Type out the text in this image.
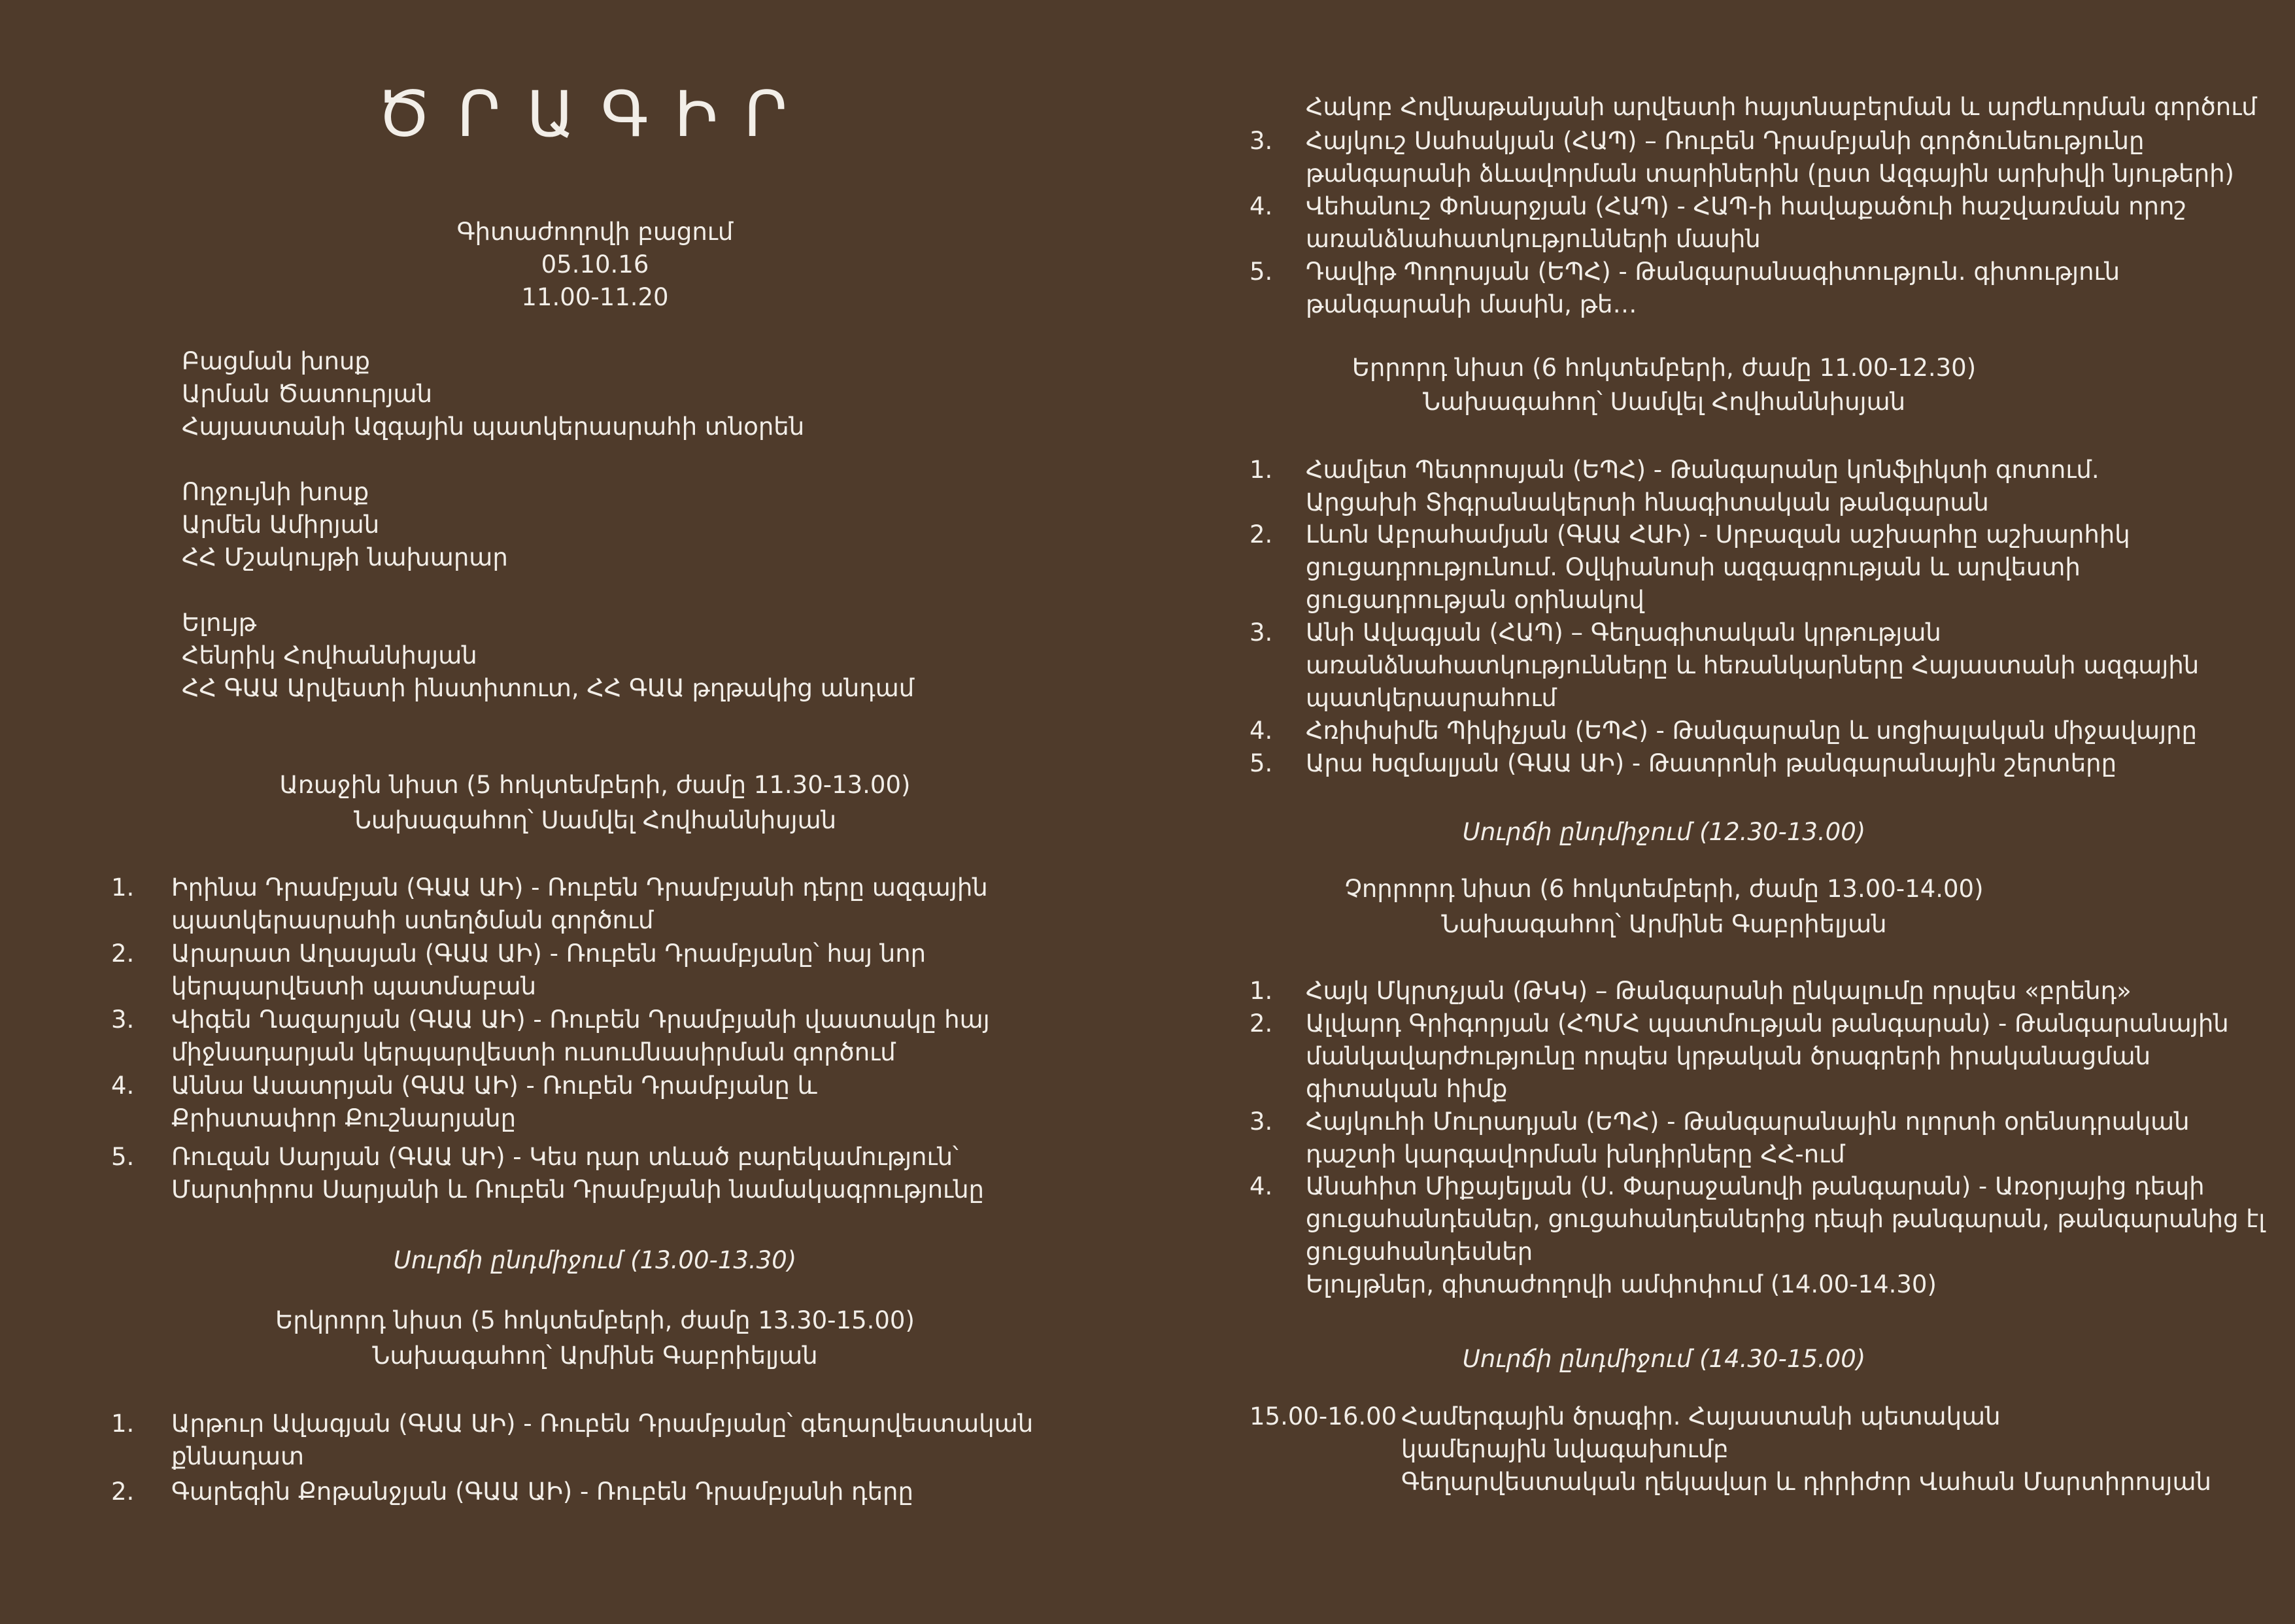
ԾՐԱԳԻՐ
Գիտաժողովի բացում
05.10.16
11.00-11.20
Բացման խոսք
Արման Ծատուրյան
Հայաստանի Ազգային պատկերասրահի տնօրեն
Ողջույնի խոսք
Արմեն Ամիրյան
ՀՀ Մշակույթի նախարար
Ելույթ
Հենրիկ Հովհաննիսյան
ՀՀ ԳԱԱ Արվեստի ինստիտուտ, ՀՀ ԳԱԱ թղթակից անդամ
Առաջին նիստ (5 հոկտեմբերի, ժամը 11.30-13.00)
Նախագահող՝ Սամվել Հովհաննիսյան
1. Իրինա Դրամբյան (ԳԱԱ ԱԻ) - Ռուբեն Դրամբյանի դերը ազգային
պատկերասրահի ստեղծման գործում
2. Արարատ Աղասյան (ԳԱԱ ԱԻ) - Ռուբեն Դրամբյանը՝ հայ նոր
կերպարվեստի պատմաբան
3. Վիգեն Ղազարյան (ԳԱԱ ԱԻ) - Ռուբեն Դրամբյանի վաստակը հայ
միջնադարյան կերպարվեստի ուսումնասիրման գործում
4. Աննա Ասատրյան (ԳԱԱ ԱԻ) - Ռուբեն Դրամբյանը և
Քրիստափոր Քուշնարյանը
5. Ռուզան Սարյան (ԳԱԱ ԱԻ) - Կես դար տևած բարեկամություն՝
Մարտիրոս Սարյանի և Ռուբեն Դրամբյանի նամակագրությունը
Սուրճի ընդմիջում (13.00-13.30)
Երկրորդ նիստ (5 հոկտեմբերի, ժամը 13.30-15.00)
Նախագահող՝ Արմինե Գաբրիելյան
1. Արթուր Ավագյան (ԳԱԱ ԱԻ) - Ռուբեն Դրամբյանը՝ գեղարվեստական
քննադատ
2. Գարեգին Քոթանջյան (ԳԱԱ ԱԻ) - Ռուբեն Դրամբյանի դերը
Հակոբ Հովնաթանյանի արվեստի հայտնաբերման և արժևորման գործում
3. Հայկուշ Սահակյան (ՀԱՊ) – Ռուբեն Դրամբյանի գործունեությունը
թանգարանի ձևավորման տարիներին (ըստ Ազգային արխիվի նյութերի)
4. Վեհանուշ Փոնարջյան (ՀԱՊ) - ՀԱՊ-ի հավաքածուի հաշվառման որոշ
առանձնահատկությունների մասին
5. Դավիթ Պողոսյան (ԵՊՀ) - Թանգարանագիտություն. գիտություն
թանգարանի մասին, թե…
Երրորդ նիստ (6 հոկտեմբերի, ժամը 11.00-12.30)
Նախագահող՝ Սամվել Հովհաննիսյան
1. Համլետ Պետրոսյան (ԵՊՀ) - Թանգարանը կոնֆլիկտի գոտում.
Արցախի Տիգրանակերտի հնագիտական թանգարան
2. Լևոն Աբրահամյան (ԳԱԱ ՀԱԻ) - Սրբազան աշխարհը աշխարհիկ
ցուցադրությունում. Օվկիանոսի ազգագրության և արվեստի
ցուցադրության օրինակով
3. Անի Ավագյան (ՀԱՊ) – Գեղագիտական կրթության
առանձնահատկությունները և հեռանկարները Հայաստանի ազգային
պատկերասրահում
4. Հռիփսիմե Պիկիչյան (ԵՊՀ) - Թանգարանը և սոցիալական միջավայրը
5. Արա Խզմալյան (ԳԱԱ ԱԻ) - Թատրոնի թանգարանային շերտերը
Սուրճի ընդմիջում (12.30-13.00)
Չորրորդ նիստ (6 հոկտեմբերի, ժամը 13.00-14.00)
Նախագահող՝ Արմինե Գաբրիելյան
1. Հայկ Մկրտչյան (ԹԿԿ) – Թանգարանի ընկալումը որպես «բրենդ»
2. Ալվարդ Գրիգորյան (ՀՊՄՀ պատմության թանգարան) - Թանգարանային
մանկավարժությունը որպես կրթական ծրագրերի իրականացման
գիտական հիմք
3. Հայկուհի Մուրադյան (ԵՊՀ) - Թանգարանային ոլորտի օրենսդրական
դաշտի կարգավորման խնդիրները ՀՀ-ում
4. Անահիտ Միքայելյան (Ս. Փարաջանովի թանգարան) - Առօրյայից դեպի
ցուցահանդեսներ, ցուցահանդեսներից դեպի թանգարան, թանգարանից էլ
ցուցահանդեսներ
Ելույթներ, գիտաժողովի ամփոփում (14.00-14.30)
Սուրճի ընդմիջում (14.30-15.00)
15.00-16.00 Համերգային ծրագիր. Հայաստանի պետական
կամերային նվագախումբ
Գեղարվեստական ղեկավար և դիրիժոր Վահան Մարտիրոսյան
